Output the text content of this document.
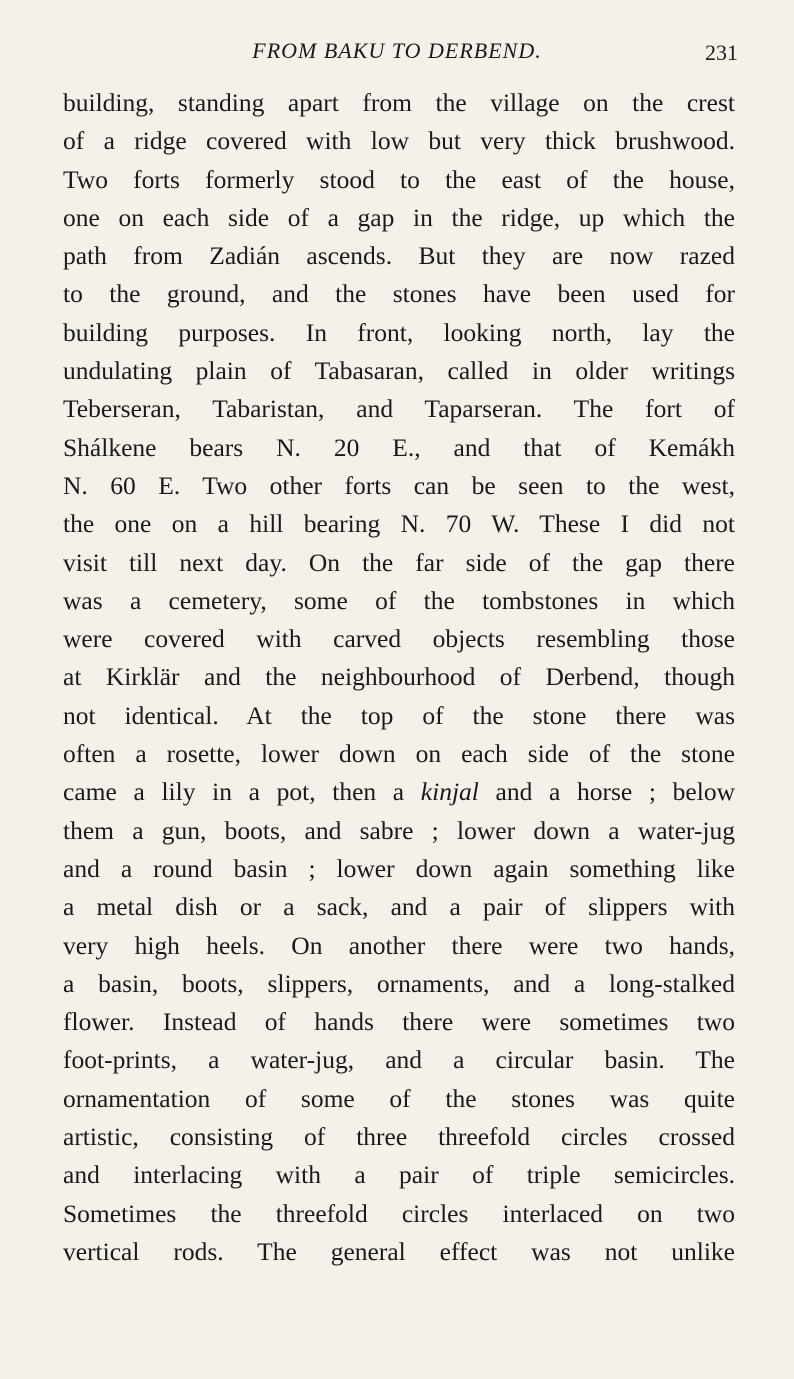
FROM BAKU TO DERBEND.	231
building, standing apart from the village on the crest
of a ridge covered with low but very thick brushwood.
Two forts formerly stood to the east of the house,
one on each side of a gap in the ridge, up which the
path from Zadián ascends. But they are now razed
to the ground, and the stones have been used for
building purposes. In front, looking north, lay the
undulating plain of Tabasaran, called in older writings
Teberseran, Tabaristan, and Taparseran. The fort of
Shálkene bears N. 20 E., and that of Kemákh
N. 60 E. Two other forts can be seen to the west,
the one on a hill bearing N. 70 W. These I did not
visit till next day. On the far side of the gap there
was a cemetery, some of the tombstones in which
were covered with carved objects resembling those
at Kirklär and the neighbourhood of Derbend, though
not identical. At the top of the stone there was
often a rosette, lower down on each side of the stone
came a lily in a pot, then a kinjal and a horse ; below
them a gun, boots, and sabre ; lower down a water-jug
and a round basin ; lower down again something like
a metal dish or a sack, and a pair of slippers with
very high heels. On another there were two hands,
a basin, boots, slippers, ornaments, and a long-stalked
flower. Instead of hands there were sometimes two
foot-prints, a water-jug, and a circular basin. The
ornamentation of some of the stones was quite
artistic, consisting of three threefold circles crossed
and interlacing with a pair of triple semicircles.
Sometimes the threefold circles interlaced on two
vertical rods. The general effect was not unlike
